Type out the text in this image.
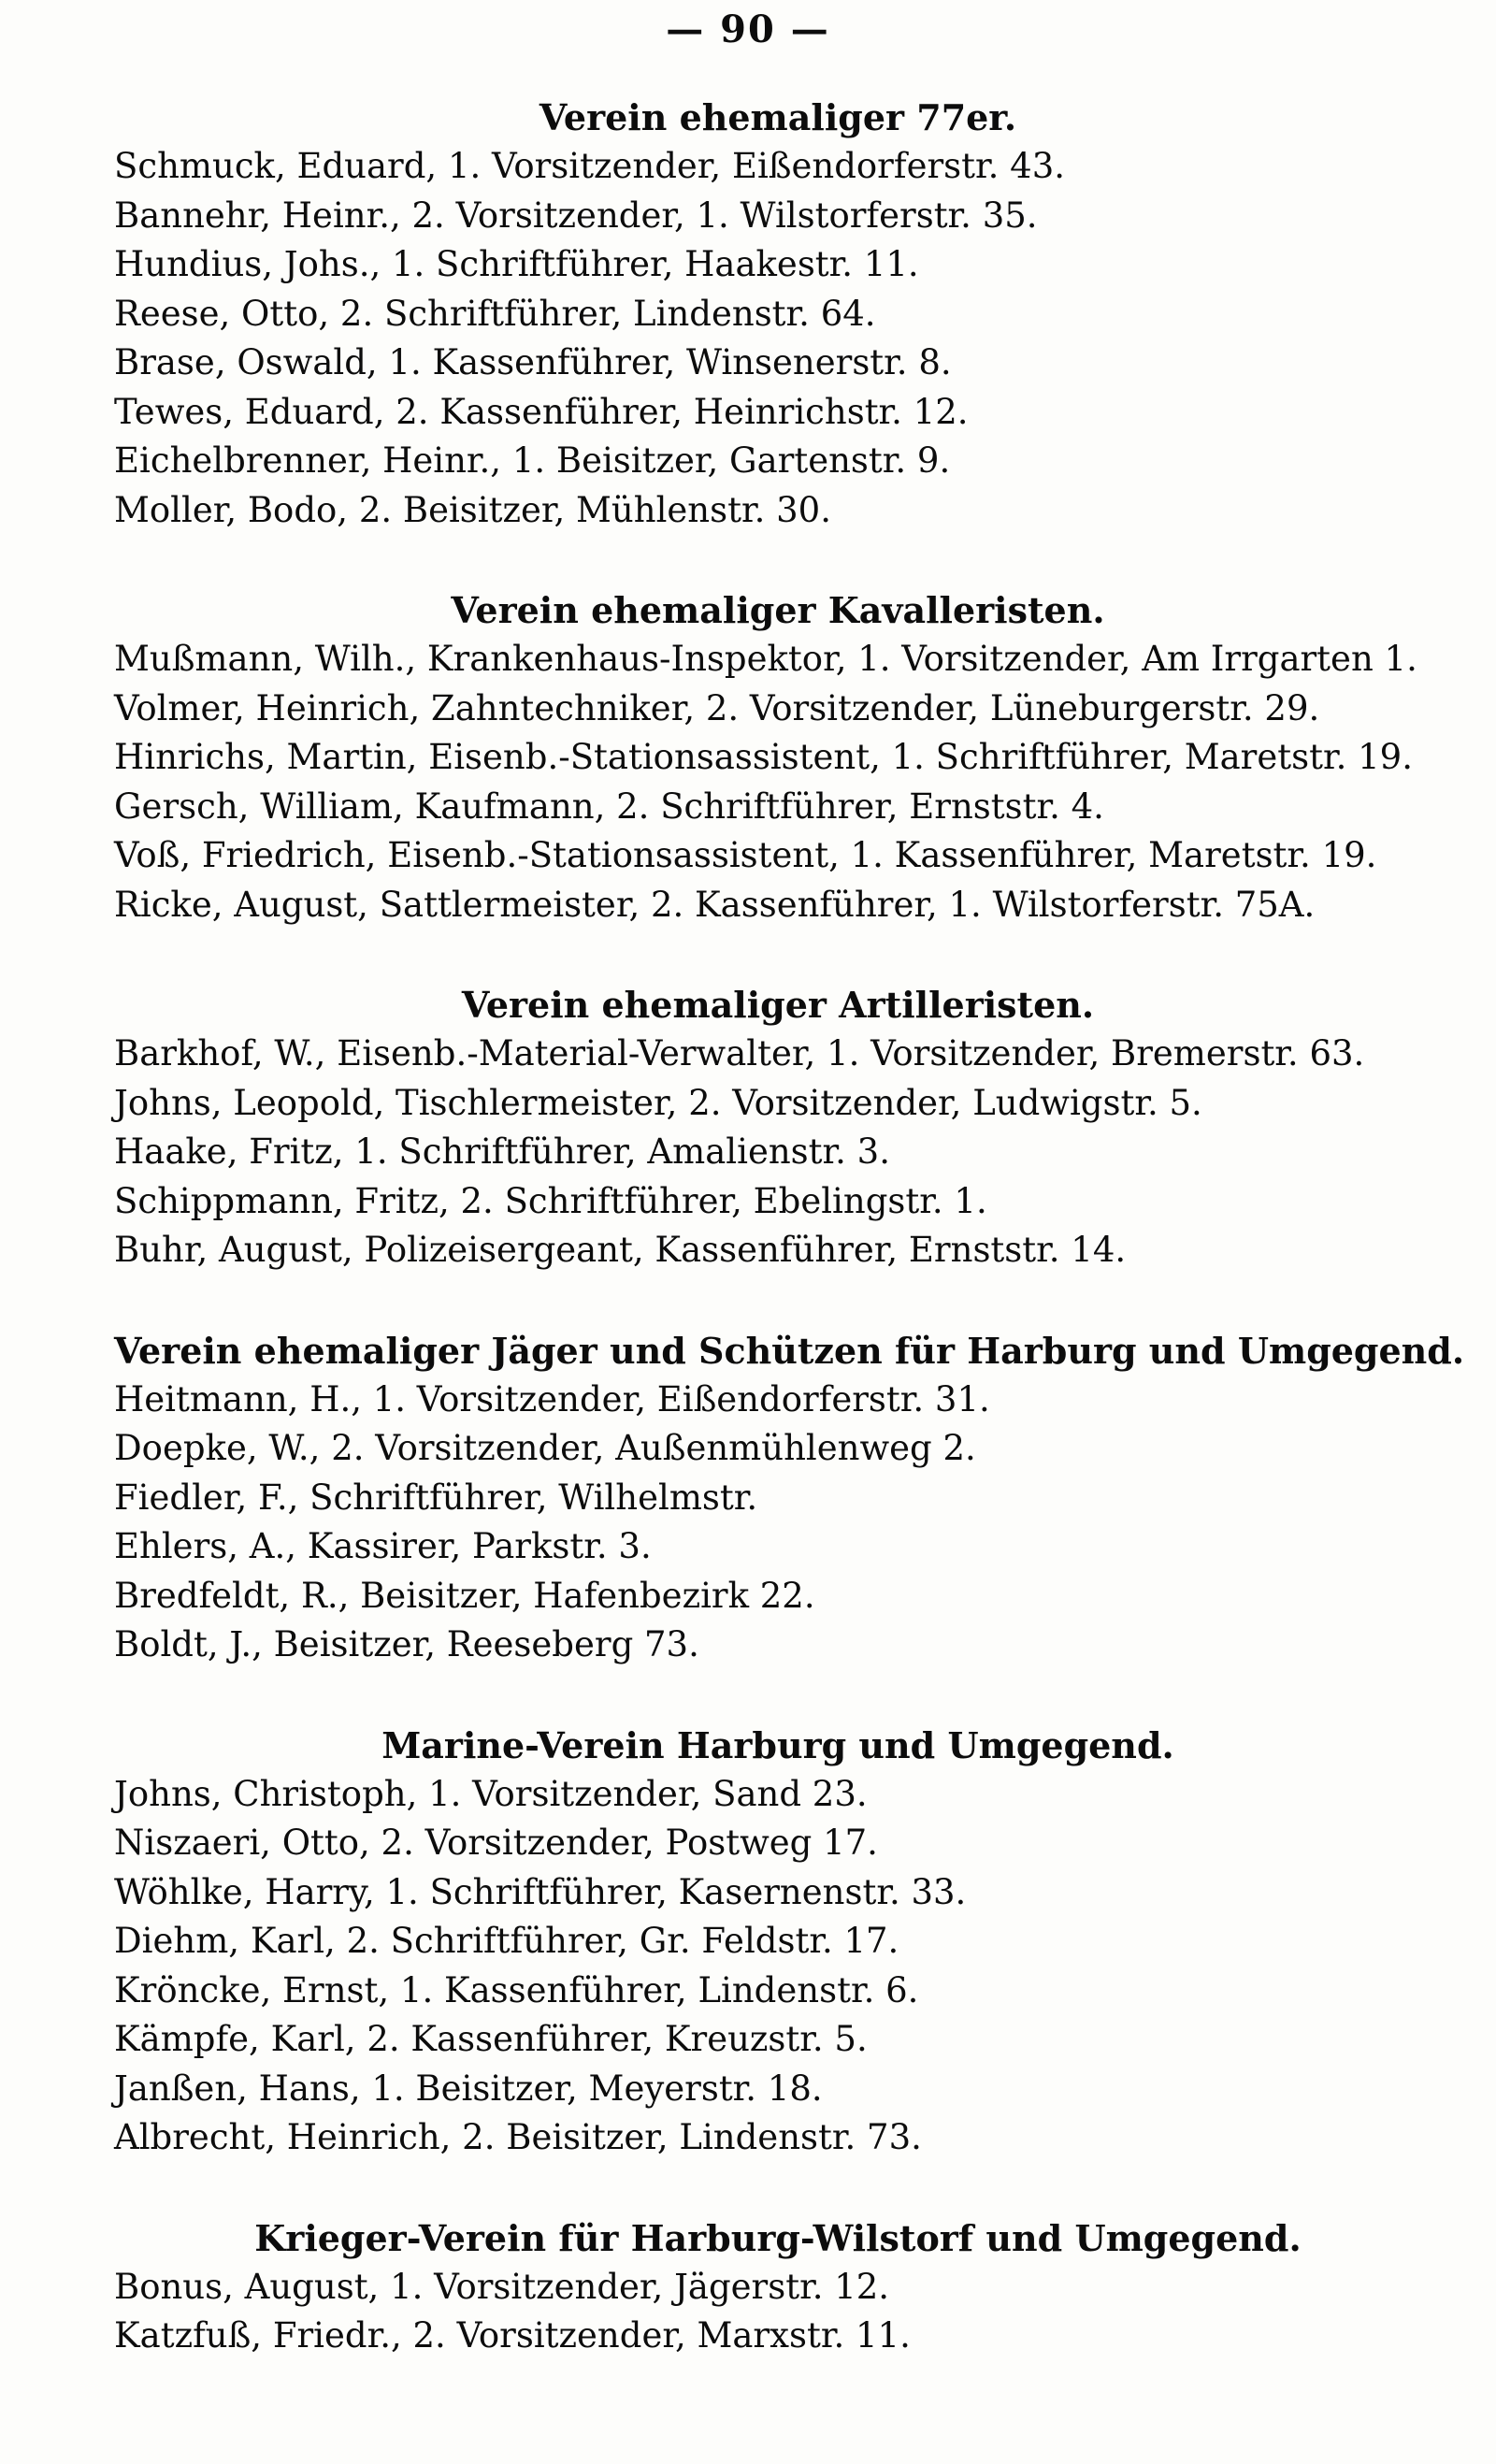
— 90 —
Verein ehemaliger 77er.
Schmuck, Eduard, 1. Vorsitzender, Eißendorferstr. 43.
Bannehr, Heinr., 2. Vorsitzender, 1. Wilstorferstr. 35.
Hundius, Johs., 1. Schriftführer, Haakestr. 11.
Reese, Otto, 2. Schriftführer, Lindenstr. 64.
Brase, Oswald, 1. Kassenführer, Winsenerstr. 8.
Tewes, Eduard, 2. Kassenführer, Heinrichstr. 12.
Eichelbrenner, Heinr., 1. Beisitzer, Gartenstr. 9.
Moller, Bodo, 2. Beisitzer, Mühlenstr. 30.
Verein ehemaliger Kavalleristen.
Mußmann, Wilh., Krankenhaus-Inspektor, 1. Vorsitzender, Am Irrgarten 1.
Volmer, Heinrich, Zahntechniker, 2. Vorsitzender, Lüneburgerstr. 29.
Hinrichs, Martin, Eisenb.-Stationsassistent, 1. Schriftführer, Maretstr. 19.
Gersch, William, Kaufmann, 2. Schriftführer, Ernststr. 4.
Voß, Friedrich, Eisenb.-Stationsassistent, 1. Kassenführer, Maretstr. 19.
Ricke, August, Sattlermeister, 2. Kassenführer, 1. Wilstorferstr. 75A.
Verein ehemaliger Artilleristen.
Barkhof, W., Eisenb.-Material-Verwalter, 1. Vorsitzender, Bremerstr. 63.
Johns, Leopold, Tischlermeister, 2. Vorsitzender, Ludwigstr. 5.
Haake, Fritz, 1. Schriftführer, Amalienstr. 3.
Schippmann, Fritz, 2. Schriftführer, Ebelingstr. 1.
Buhr, August, Polizeisergeant, Kassenführer, Ernststr. 14.
Verein ehemaliger Jäger und Schützen für Harburg und Umgegend.
Heitmann, H., 1. Vorsitzender, Eißendorferstr. 31.
Doepke, W., 2. Vorsitzender, Außenmühlenweg 2.
Fiedler, F., Schriftführer, Wilhelmstr.
Ehlers, A., Kassirer, Parkstr. 3.
Bredfeldt, R., Beisitzer, Hafenbezirk 22.
Boldt, J., Beisitzer, Reeseberg 73.
Marine-Verein Harburg und Umgegend.
Johns, Christoph, 1. Vorsitzender, Sand 23.
Niszaeri, Otto, 2. Vorsitzender, Postweg 17.
Wöhlke, Harry, 1. Schriftführer, Kasernenstr. 33.
Diehm, Karl, 2. Schriftführer, Gr. Feldstr. 17.
Kröncke, Ernst, 1. Kassenführer, Lindenstr. 6.
Kämpfe, Karl, 2. Kassenführer, Kreuzstr. 5.
Janßen, Hans, 1. Beisitzer, Meyerstr. 18.
Albrecht, Heinrich, 2. Beisitzer, Lindenstr. 73.
Krieger-Verein für Harburg-Wilstorf und Umgegend.
Bonus, August, 1. Vorsitzender, Jägerstr. 12.
Katzfuß, Friedr., 2. Vorsitzender, Marxstr. 11.
